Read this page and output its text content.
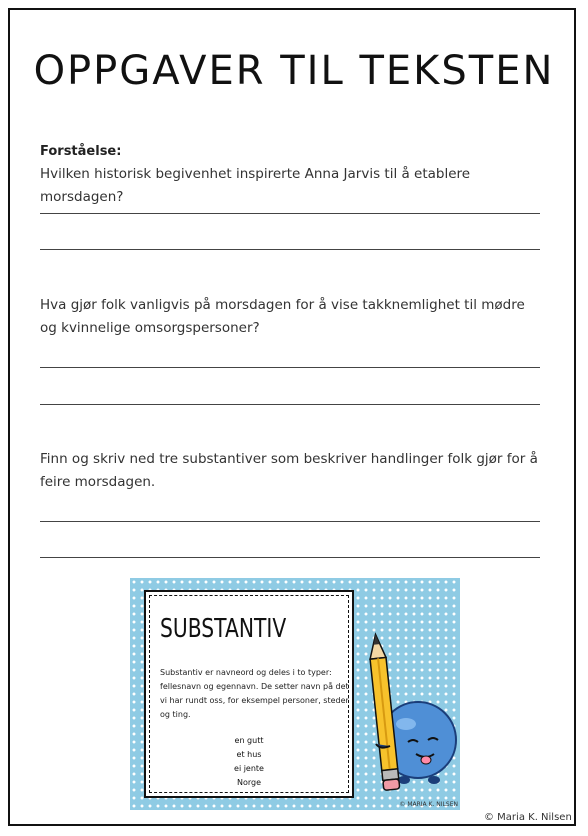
OPPGAVER TIL TEKSTEN
Forståelse:
Hvilken historisk begivenhet inspirerte Anna Jarvis til å etablere morsdagen?
Hva gjør folk vanligvis på morsdagen for å vise takknemlighet til mødre og kvinnelige omsorgspersoner?
Finn og skriv ned tre substantiver som beskriver handlinger folk gjør for å feire morsdagen.
SUBSTANTIV
Substantiv er navneord og deles i to typer: fellesnavn og egennavn. De setter navn på det vi har rundt oss, for eksempel personer, steder og ting.
en gutt
et hus
ei jente
Norge
© MARIA K. NILSEN
© Maria K. Nilsen
